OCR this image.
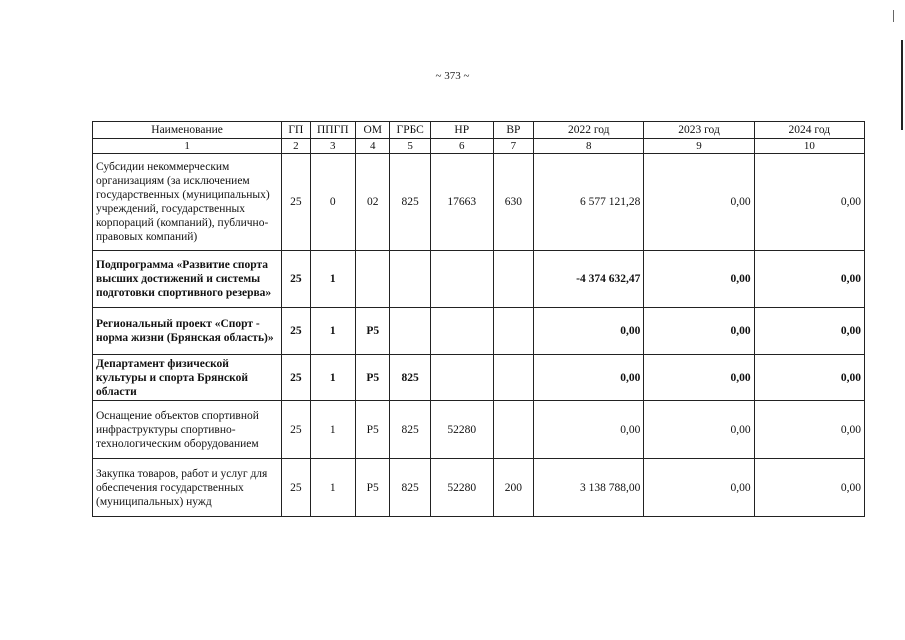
~ 373 ~
Наименование	ГП	ППГП	ОМ	ГРБС	НР	ВР	2022 год	2023 год	2024 год
1	2	3	4	5	6	7	8	9	10
Субсидии некоммерческим организациям (за исключением государственных (муниципальных) учреждений, государственных корпораций (компаний), публично-правовых компаний)	25	0	02	825	17663	630	6 577 121,28	0,00	0,00
Подпрограмма «Развитие спорта высших достижений и системы подготовки спортивного резерва»	25	1					-4 374 632,47	0,00	0,00
Региональный проект «Спорт - норма жизни (Брянская область)»	25	1	P5				0,00	0,00	0,00
Департамент физической культуры и спорта Брянской области	25	1	P5	825			0,00	0,00	0,00
Оснащение объектов спортивной инфраструктуры спортивно-технологическим оборудованием	25	1	P5	825	52280		0,00	0,00	0,00
Закупка товаров, работ и услуг для обеспечения государственных (муниципальных) нужд	25	1	P5	825	52280	200	3 138 788,00	0,00	0,00
